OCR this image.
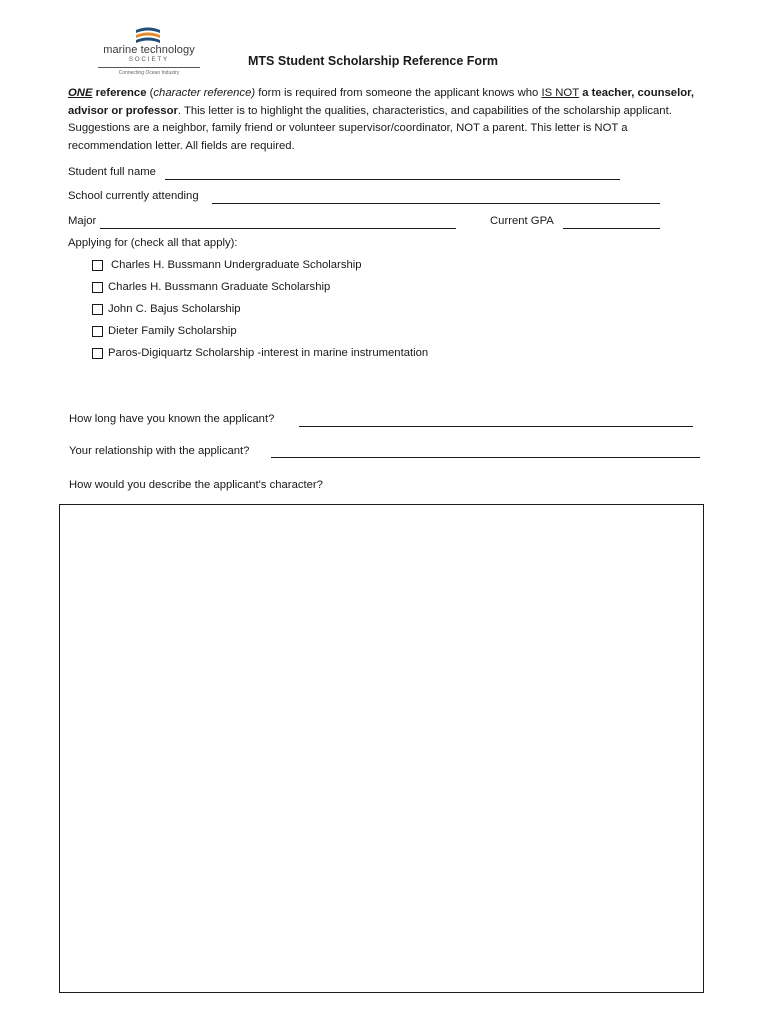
marine technology
SOCIETY
Connecting Ocean Industry
MTS Student Scholarship Reference Form
ONE reference (character reference) form is required from someone the applicant knows who IS NOT a teacher, counselor, advisor or professor. This letter is to highlight the qualities, characteristics, and capabilities of the scholarship applicant. Suggestions are a neighbor, family friend or volunteer supervisor/coordinator, NOT a parent. This letter is NOT a recommendation letter. All fields are required.
Student full name
School currently attending
Major	Current GPA
Applying for (check all that apply):
Charles H. Bussmann Undergraduate Scholarship
Charles H. Bussmann Graduate Scholarship
John C. Bajus Scholarship
Dieter Family Scholarship
Paros-Digiquartz Scholarship -interest in marine instrumentation
How long have you known the applicant?
Your relationship with the applicant?
How would you describe the applicant's character?
